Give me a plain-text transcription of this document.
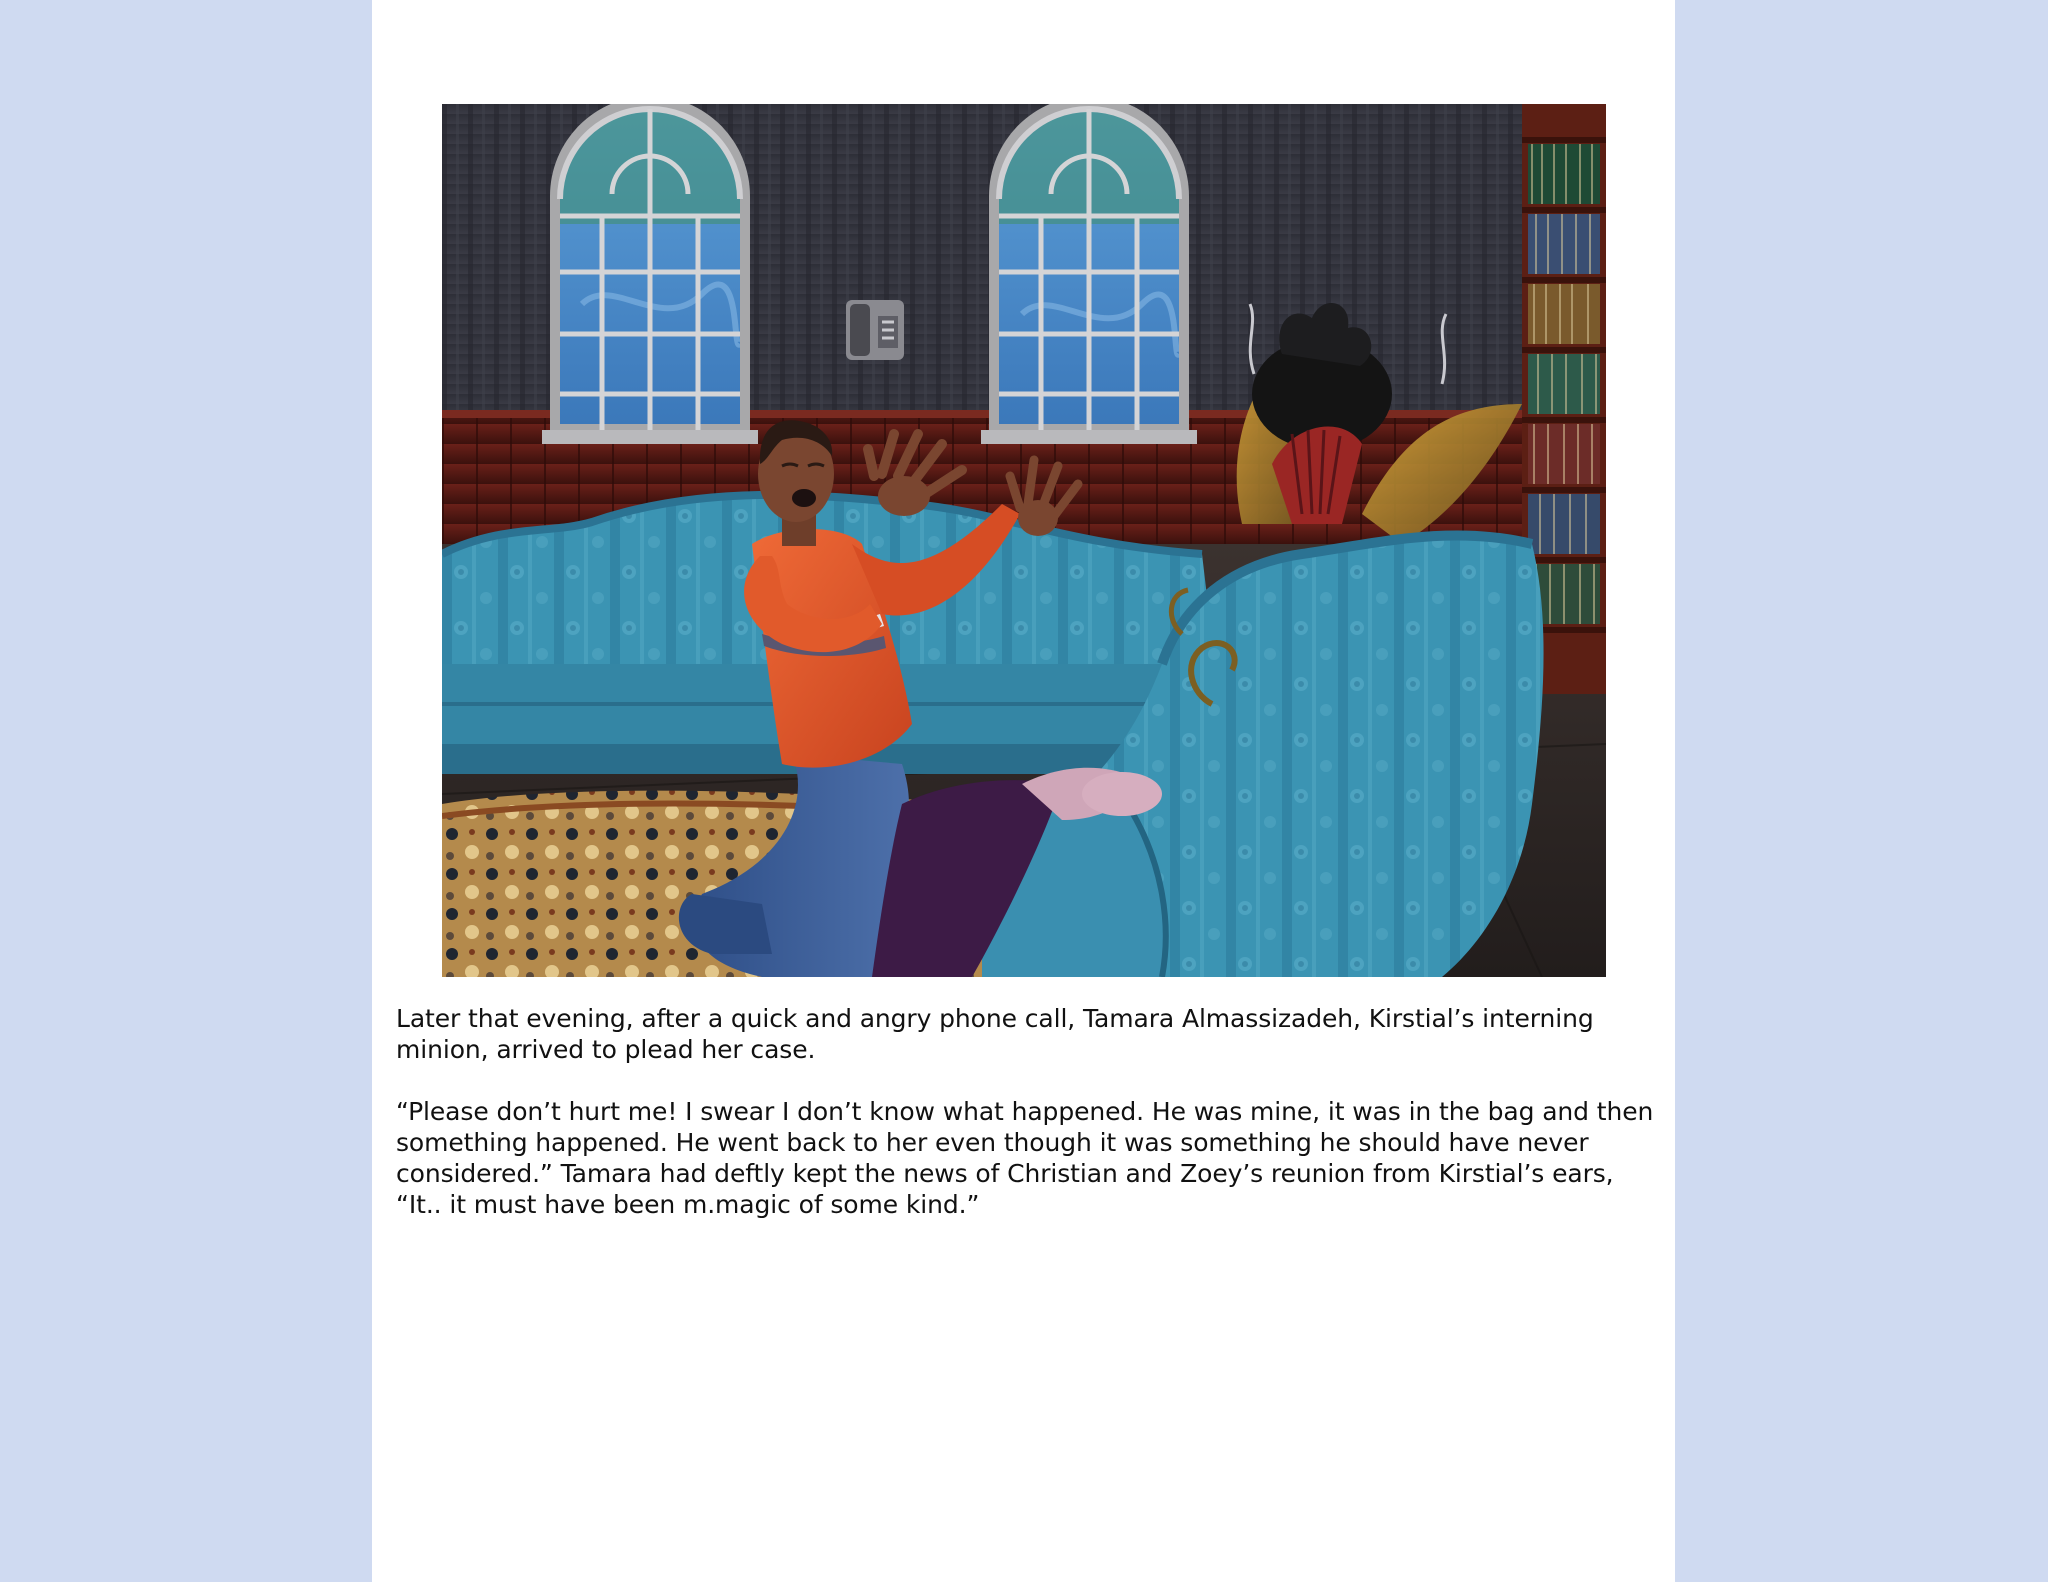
Later that evening, after a quick and angry phone call, Tamara Almassizadeh, Kirstial’s interning minion, arrived to plead her case.

“Please don’t hurt me! I swear I don’t know what happened. He was mine, it was in the bag and then something happened. He went back to her even though it was something he should have never considered.” Tamara had deftly kept the news of Christian and Zoey’s reunion from Kirstial’s ears, “It.. it must have been m.magic of some kind.”
